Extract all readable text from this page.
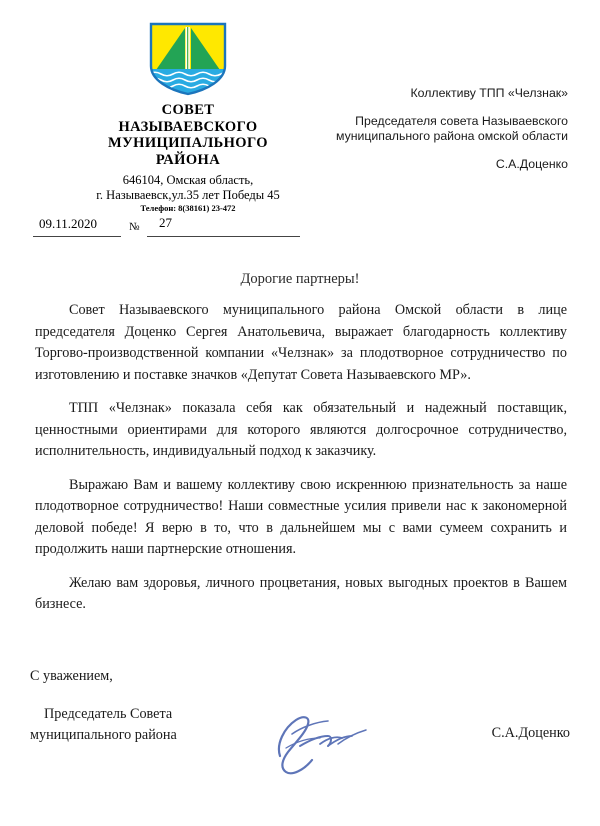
СОВЕТ
НАЗЫВАЕВСКОГО
МУНИЦИПАЛЬНОГО
РАЙОНА
646104, Омская область,
г. Называевск,ул.35 лет Победы 45
Телефон: 8(38161) 23-472
09.11.2020	№ 27
Коллективу ТПП «Челзнак»
Председателя совета Называевского
муниципального района омской области
С.А.Доценко
Дорогие партнеры!

Совет Называевского муниципального района Омской области в лице председателя Доценко Сергея Анатольевича, выражает благодарность коллективу Торгово-производственной компании «Челзнак» за плодотворное сотрудничество по изготовлению и поставке значков «Депутат Совета Называевского МР».

ТПП «Челзнак» показала себя как обязательный и надежный поставщик, ценностными ориентирами для которого являются долгосрочное сотрудничество, исполнительность, индивидуальный подход к заказчику.

Выражаю Вам и вашему коллективу свою искреннюю признательность за наше плодотворное сотрудничество! Наши совместные усилия привели нас к закономерной деловой победе! Я верю в то, что в дальнейшем мы с вами сумеем сохранить и продолжить наши партнерские отношения.

Желаю вам здоровья, личного процветания, новых выгодных проектов в Вашем бизнесе.

С уважением,
Председатель Совета
муниципального района	С.А.Доценко
